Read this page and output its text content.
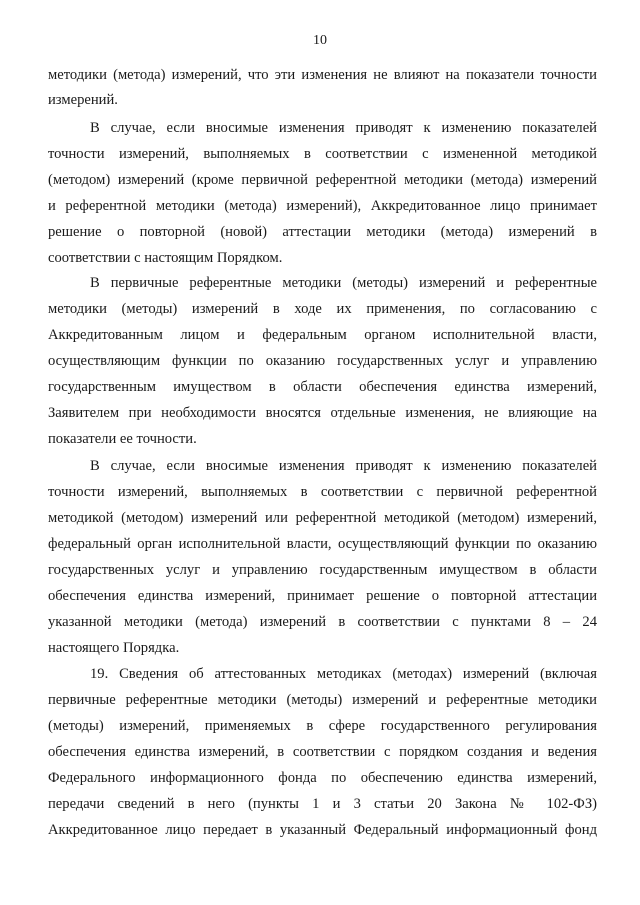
10
методики (метода) измерений, что эти изменения не влияют на показатели точности
измерений.
В случае, если вносимые изменения приводят к изменению показателей
точности измерений, выполняемых в соответствии с измененной методикой
(методом) измерений (кроме первичной референтной методики (метода) измерений
и референтной методики (метода) измерений), Аккредитованное лицо принимает
решение о повторной (новой) аттестации методики (метода) измерений в
соответствии с настоящим Порядком.
В первичные референтные методики (методы) измерений и референтные
методики (методы) измерений в ходе их применения, по согласованию с
Аккредитованным лицом и федеральным органом исполнительной власти,
осуществляющим функции по оказанию государственных услуг и управлению
государственным имуществом в области обеспечения единства измерений,
Заявителем при необходимости вносятся отдельные изменения, не влияющие на
показатели ее точности.
В случае, если вносимые изменения приводят к изменению показателей
точности измерений, выполняемых в соответствии с первичной референтной
методикой (методом) измерений или референтной методикой (методом) измерений,
федеральный орган исполнительной власти, осуществляющий функции по оказанию
государственных услуг и управлению государственным имуществом в области
обеспечения единства измерений, принимает решение о повторной аттестации
указанной методики (метода) измерений в соответствии с пунктами 8 – 24
настоящего Порядка.
19. Сведения об аттестованных методиках (методах) измерений (включая
первичные референтные методики (методы) измерений и референтные методики
(методы) измерений, применяемых в сфере государственного регулирования
обеспечения единства измерений, в соответствии с порядком создания и ведения
Федерального информационного фонда по обеспечению единства измерений,
передачи сведений в него (пункты 1 и 3 статьи 20 Закона № 102-ФЗ)
Аккредитованное лицо передает в указанный Федеральный информационный фонд
